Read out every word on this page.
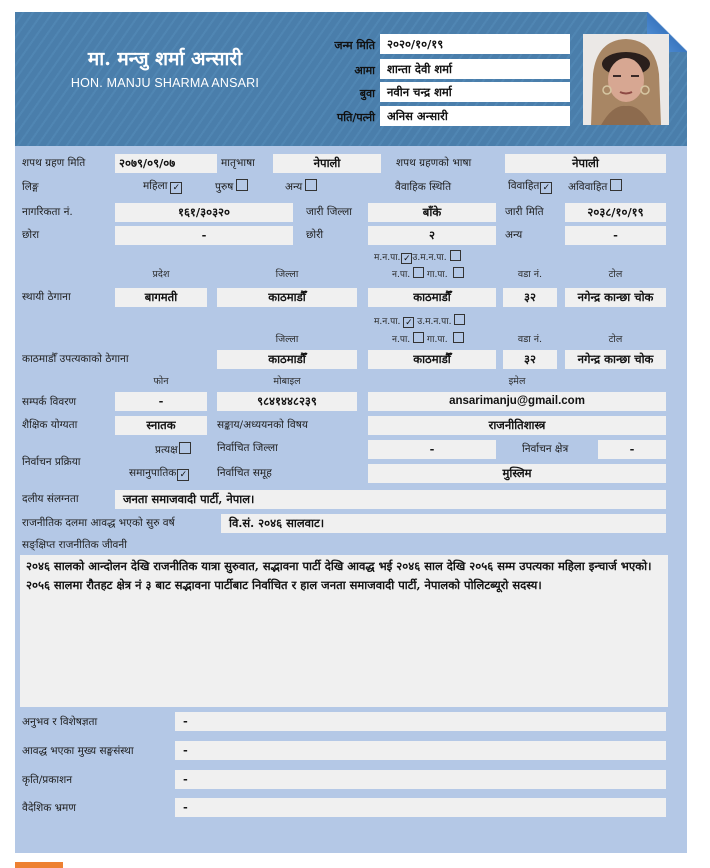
मा. मन्जु शर्मा अन्सारी
HON. MANJU SHARMA ANSARI
जन्म मिति	२०२०/१०/१९
आमा	शान्ता देवी शर्मा
बुवा	नवीन चन्द्र शर्मा
पति/पत्नी	अनिस अन्सारी
शपथ ग्रहण मिति	२०७९/०९/०७	मातृभाषा	नेपाली	शपथ ग्रहणको भाषा	नेपाली
लिङ्ग	महिला ✓	पुरुष	अन्य	वैवाहिक स्थिति	विवाहित ✓ अविवाहित
नागरिकता नं.	१६१/३०३२०	जारी जिल्ला	बाँके	जारी मिति	२०३८/१०/१९
छोरा	-	छोरी	२	अन्य	-
म.न.पा. ✓ उ.म.न.पा.
न.पा. गा.पा.
प्रदेश	जिल्ला	वडा नं.	टोल
स्थायी ठेगाना	बागमती	काठमाडौँ	काठमाडौँ	३२	नगेन्द्र कान्छा चोक
म.न.पा. ✓ उ.म.न.पा.
न.पा. गा.पा.
जिल्ला	वडा नं.	टोल
काठमाडौँ उपत्यकाको ठेगाना	काठमाडौँ	काठमाडौँ	३२	नगेन्द्र कान्छा चोक
फोन	मोबाइल	इमेल
सम्पर्क विवरण	-	९८४१४४८२३९	ansarimanju@gmail.com
शैक्षिक योग्यता	स्नातक	सङ्काय/अध्ययनको विषय	राजनीतिशास्त्र
निर्वाचन प्रक्रिया
प्रत्यक्ष
समानुपातिक ✓
निर्वाचित जिल्ला	-	निर्वाचन क्षेत्र	-
निर्वाचित समूह	मुस्लिम
दलीय संलग्नता	जनता समाजवादी पार्टी, नेपाल।
राजनीतिक दलमा आवद्ध भएको सुरु वर्ष	वि.सं. २०४६ सालवाट।
सङ्क्षिप्त राजनीतिक जीवनी
२०४६ सालको आन्दोलन देखि राजनीतिक यात्रा सुरुवात, सद्भावना पार्टी देखि आवद्ध भई २०४६ साल देखि २०५६ सम्म उपत्यका महिला इन्चार्ज भएको। २०५६ सालमा रौतहट क्षेत्र नं ३ बाट सद्भावना पार्टीबाट निर्वाचित र हाल जनता समाजवादी पार्टी, नेपालको पोलिटब्यूरो सदस्य।
अनुभव र विशेषज्ञता	-
आवद्ध भएका मुख्य सङ्घसंस्था	-
कृति/प्रकाशन	-
वैदेशिक भ्रमण	-
